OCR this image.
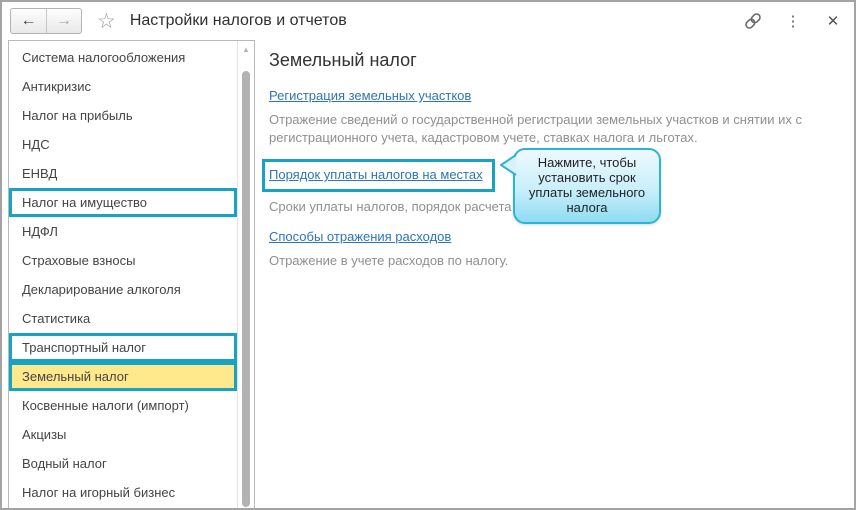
←	→	☆ Настройки налогов и отчетов	⋮	✕
Система налогообложения
Антикризис
Налог на прибыль
НДС
ЕНВД
Налог на имущество
НДФЛ
Страховые взносы
Декларирование алкоголя
Статистика
Транспортный налог
Земельный налог
Косвенные налоги (импорт)
Акцизы
Водный налог
Налог на игорный бизнес
▲
Земельный налог
Регистрация земельных участков
Отражение сведений о государственной регистрации земельных участков и снятии их с регистрационного учета, кадастровом учете, ставках налога и льготах.
Порядок уплаты налогов на местах
Сроки уплаты налогов, порядок расчета
Способы отражения расходов
Отражение в учете расходов по налогу.
Нажмите, чтобы установить срок уплаты земельного налога
